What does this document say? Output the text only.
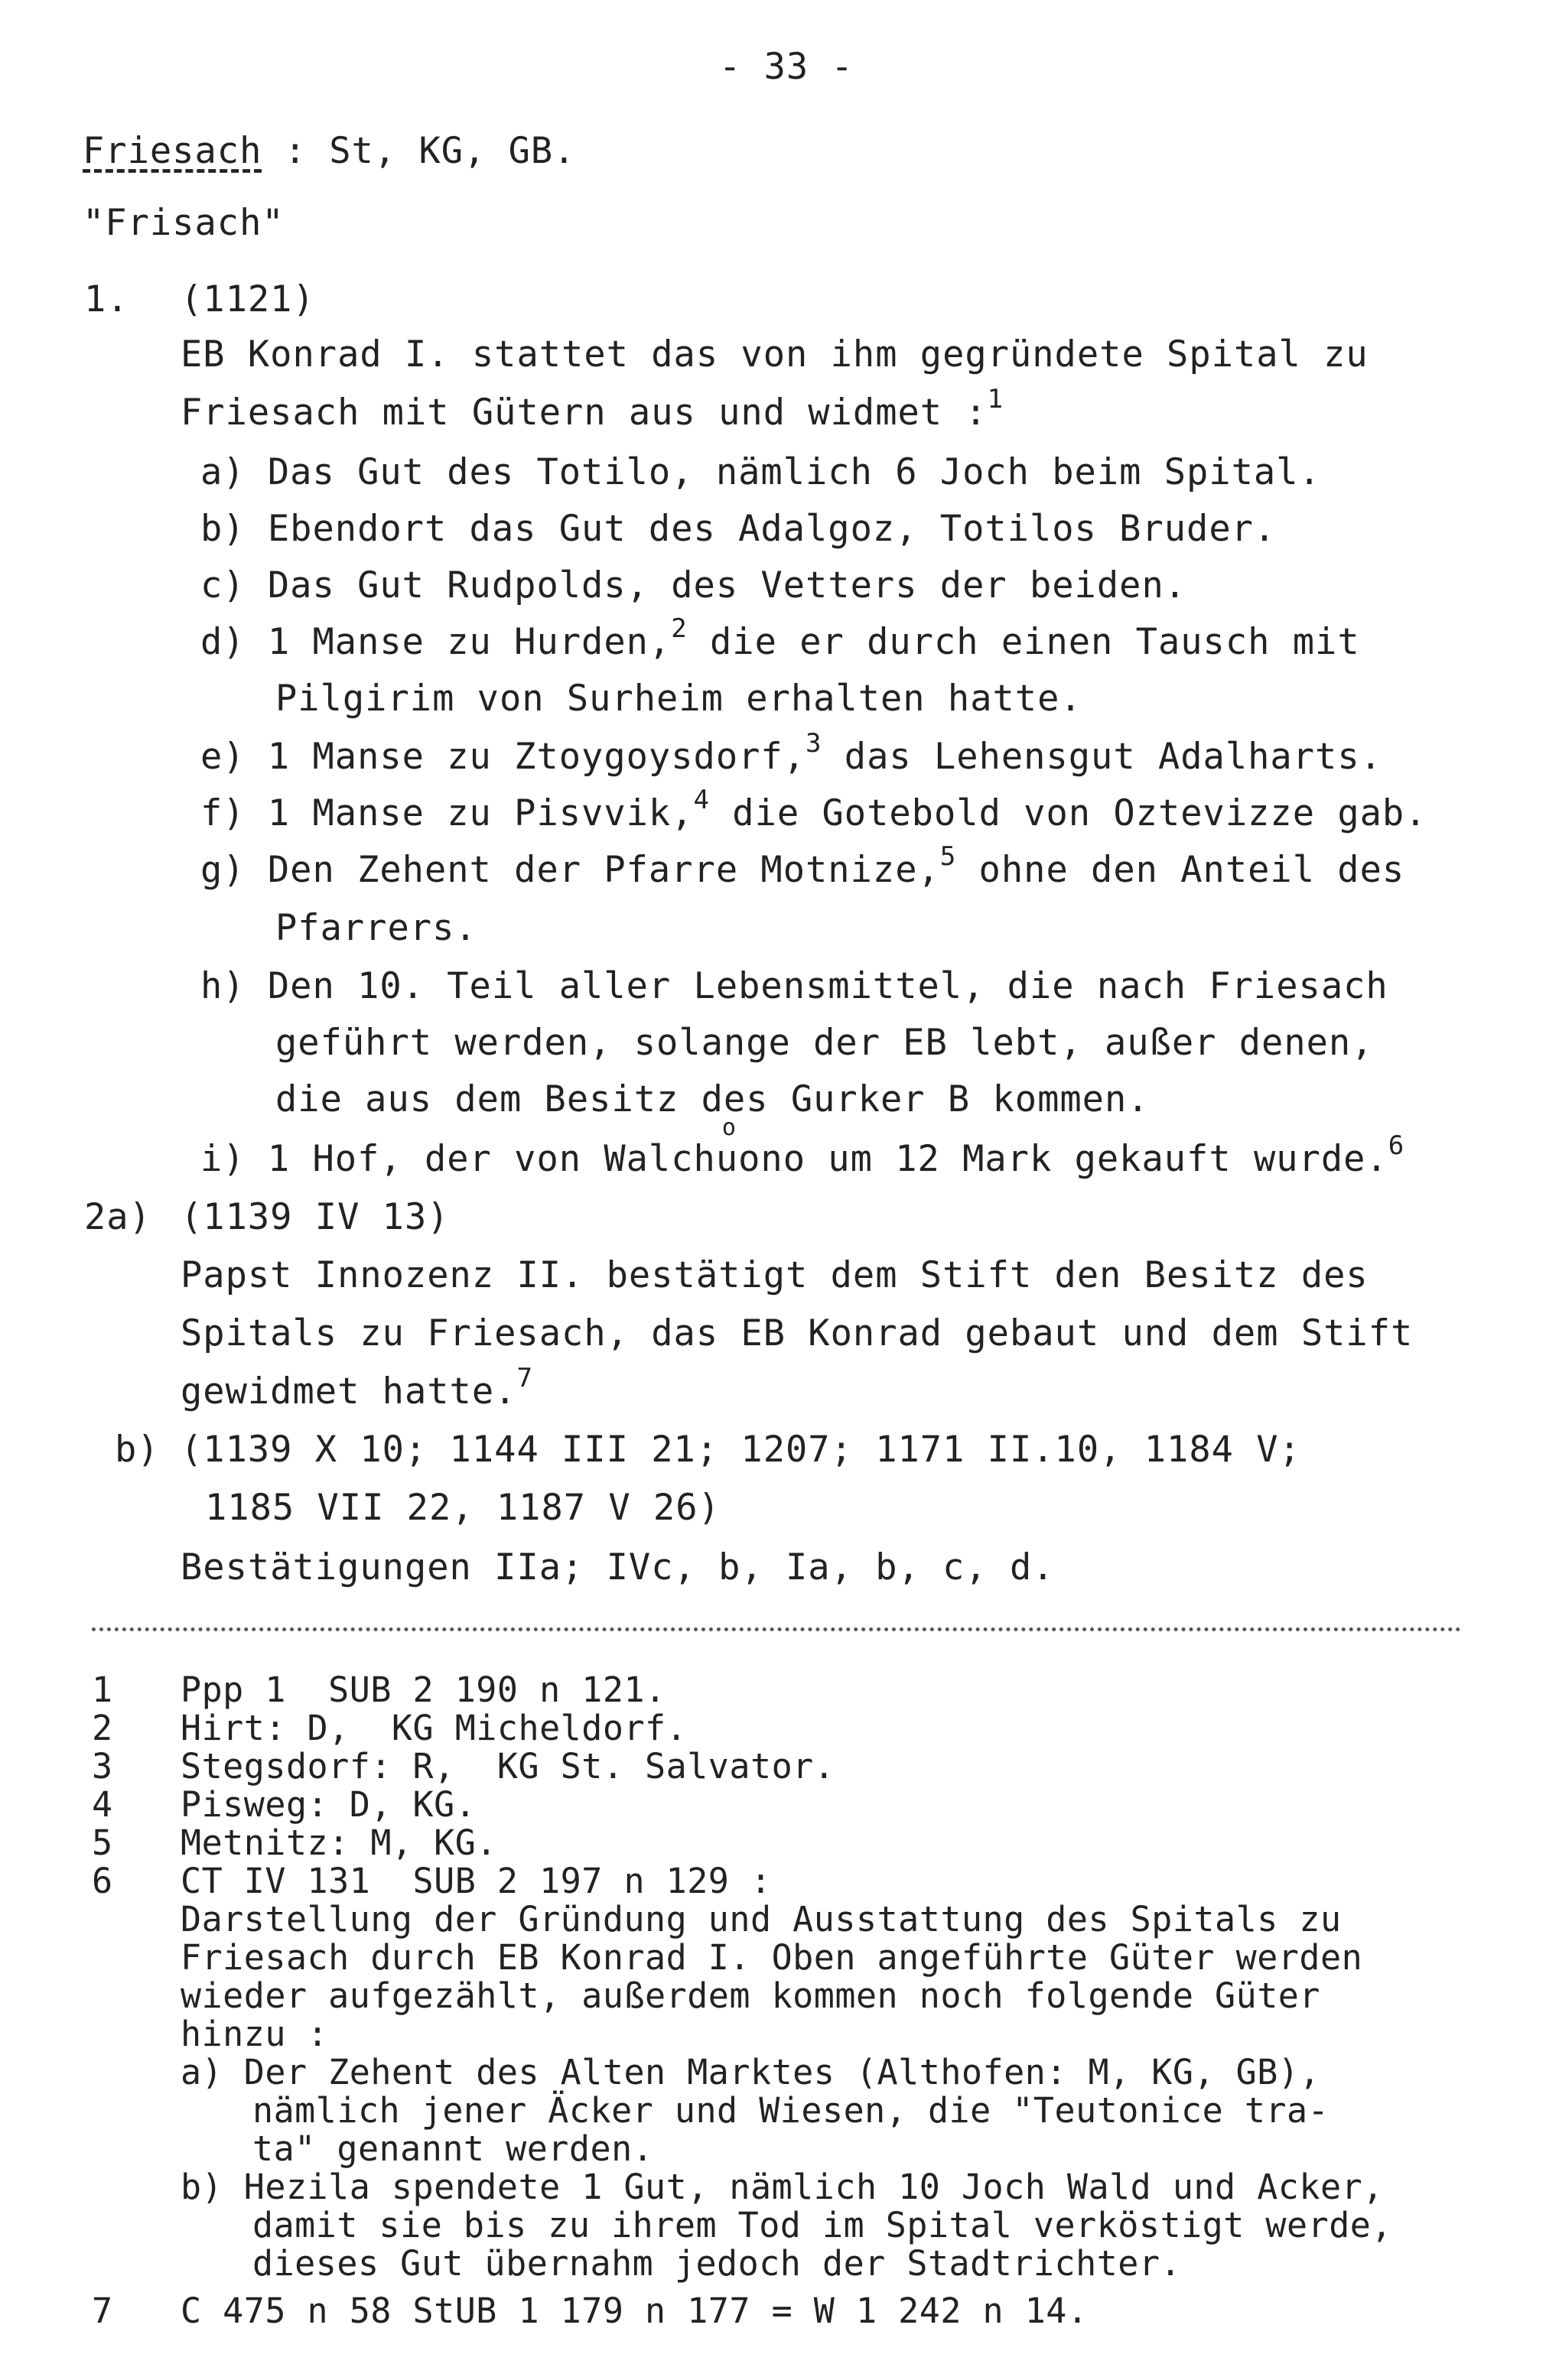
- 33 -
Friesach : St, KG, GB.
"Frisach"
1. (1121)
EB Konrad I. stattet das von ihm gegründete Spital zu
Friesach mit Gütern aus und widmet :$^1$
a) Das Gut des Totilo, nämlich 6 Joch beim Spital.
b) Ebendort das Gut des Adalgoz, Totilos Bruder.
c) Das Gut Rudpolds, des Vetters der beiden.
d) 1 Manse zu Hurden,$^2$ die er durch einen Tausch mit
Pilgirim von Surheim erhalten hatte.
e) 1 Manse zu Ztoygoysdorf,$^3$ das Lehensgut Adalharts.
f) 1 Manse zu Pisvvik,$^4$ die Gotebold von Oztevizze gab.
g) Den Zehent der Pfarre Motnize,$^5$ ohne den Anteil des
Pfarrers.
h) Den 10. Teil aller Lebensmittel, die nach Friesach
geführt werden, solange der EB lebt, außer denen,
die aus dem Besitz des Gurker B kommen.
i) 1 Hof, der von Walch
o
uono um 12 Mark gekauft wurde.$^6$
2a) (1139 IV 13)
Papst Innozenz II. bestätigt dem Stift den Besitz des
Spitals zu Friesach, das EB Konrad gebaut und dem Stift
gewidmet hatte.$^7$
b) (1139 X 10; 1144 III 21; 1207; 1171 II.10, 1184 V;
1185 VII 22, 1187 V 26)
Bestätigungen IIa; IVc, b, Ia, b, c, d.
1 Ppp 1  SUB 2 190 n 121.
2 Hirt: D,  KG Micheldorf.
3 Stegsdorf: R,  KG St. Salvator.
4 Pisweg: D, KG.
5 Metnitz: M, KG.
6 CT IV 131  SUB 2 197 n 129 :
Darstellung der Gründung und Ausstattung des Spitals zu
Friesach durch EB Konrad I. Oben angeführte Güter werden
wieder aufgezählt, außerdem kommen noch folgende Güter
hinzu :
a) Der Zehent des Alten Marktes (Althofen: M, KG, GB),
nämlich jener Äcker und Wiesen, die "Teutonice tra-
ta" genannt werden.
b) Hezila spendete 1 Gut, nämlich 10 Joch Wald und Acker,
damit sie bis zu ihrem Tod im Spital verköstigt werde,
dieses Gut übernahm jedoch der Stadtrichter.
7 C 475 n 58 StUB 1 179 n 177 = W 1 242 n 14.
